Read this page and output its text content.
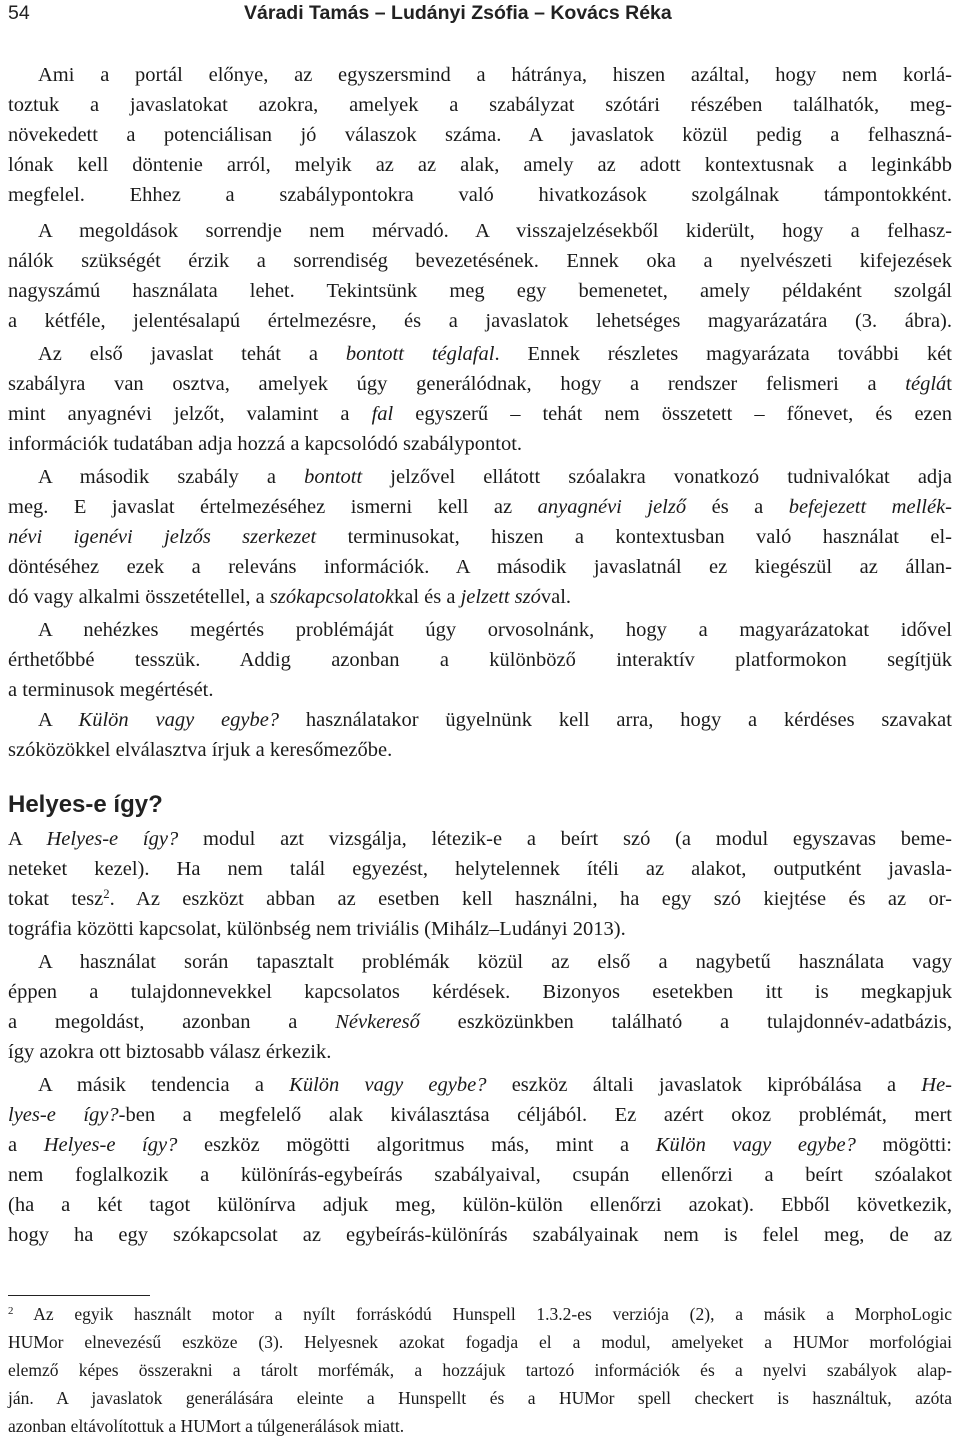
54	Váradi Tamás – Ludányi Zsófia – Kovács Réka
Ami a portál előnye, az egyszersmind a hátránya, hiszen azáltal, hogy nem korlá-
toztuk a javaslatokat azokra, amelyek a szabályzat szótári részében találhatók, meg-
növekedett a potenciálisan jó válaszok száma. A javaslatok közül pedig a felhaszná-
lónak kell döntenie arról, melyik az az alak, amely az adott kontextusnak a leginkább
megfelel. Ehhez a szabálypontokra való hivatkozások szolgálnak támpontokként.
A megoldások sorrendje nem mérvadó. A visszajelzésekből kiderült, hogy a felhasz-
nálók szükségét érzik a sorrendiség bevezetésének. Ennek oka a nyelvészeti kifejezések
nagyszámú használata lehet. Tekintsünk meg egy bemenetet, amely példaként szolgál
a kétféle, jelentésalapú értelmezésre, és a javaslatok lehetséges magyarázatára (3. ábra).
Az első javaslat tehát a bontott téglafal. Ennek részletes magyarázata további két
szabályra van osztva, amelyek úgy generálódnak, hogy a rendszer felismeri a téglát
mint anyagnévi jelzőt, valamint a fal egyszerű – tehát nem összetett – főnevet, és ezen
információk tudatában adja hozzá a kapcsolódó szabálypontot.
A második szabály a bontott jelzővel ellátott szóalakra vonatkozó tudnivalókat adja
meg. E javaslat értelmezéséhez ismerni kell az anyagnévi jelző és a befejezett mellék-
névi igenévi jelzős szerkezet terminusokat, hiszen a kontextusban való használat el-
döntéséhez ezek a releváns információk. A második javaslatnál ez kiegészül az állan-
dó vagy alkalmi összetétellel, a szókapcsolatokkal és a jelzett szóval.
A nehézkes megértés problémáját úgy orvosolnánk, hogy a magyarázatokat idővel
érthetőbbé tesszük. Addig azonban a különböző interaktív platformokon segítjük
a terminusok megértését.
A Külön vagy egybe? használatakor ügyelnünk kell arra, hogy a kérdéses szavakat
szóközökkel elválasztva írjuk a keresőmezőbe.
Helyes-e így?
A Helyes-e így? modul azt vizsgálja, létezik-e a beírt szó (a modul egyszavas beme-
neteket kezel). Ha nem talál egyezést, helytelennek ítéli az alakot, outputként javasla-
tokat tesz$^2$. Az eszközt abban az esetben kell használni, ha egy szó kiejtése és az or-
tográfia közötti kapcsolat, különbség nem triviális (Mihálz–Ludányi 2013).
A használat során tapasztalt problémák közül az első a nagybetű használata vagy
éppen a tulajdonnevekkel kapcsolatos kérdések. Bizonyos esetekben itt is megkapjuk
a megoldást, azonban a Névkereső eszközünkben található a tulajdonnév-adatbázis,
így azokra ott biztosabb válasz érkezik.
A másik tendencia a Külön vagy egybe? eszköz általi javaslatok kipróbálása a He-
lyes-e így?-ben a megfelelő alak kiválasztása céljából. Ez azért okoz problémát, mert
a Helyes-e így? eszköz mögötti algoritmus más, mint a Külön vagy egybe? mögötti:
nem foglalkozik a különírás-egybeírás szabályaival, csupán ellenőrzi a beírt szóalakot
(ha a két tagot különírva adjuk meg, külön-külön ellenőrzi azokat). Ebből következik,
hogy ha egy szókapcsolat az egybeírás-különírás szabályainak nem is felel meg, de az
$^2$ Az egyik használt motor a nyílt forráskódú Hunspell 1.3.2-es verziója (2), a másik a MorphoLogic
HUMor elnevezésű eszköze (3). Helyesnek azokat fogadja el a modul, amelyeket a HUMor morfológiai
elemző képes összerakni a tárolt morfémák, a hozzájuk tartozó információk és a nyelvi szabályok alap-
ján. A javaslatok generálására eleinte a Hunspellt és a HUMor spell checkert is használtuk, azóta
azonban eltávolítottuk a HUMort a túlgenerálások miatt.
